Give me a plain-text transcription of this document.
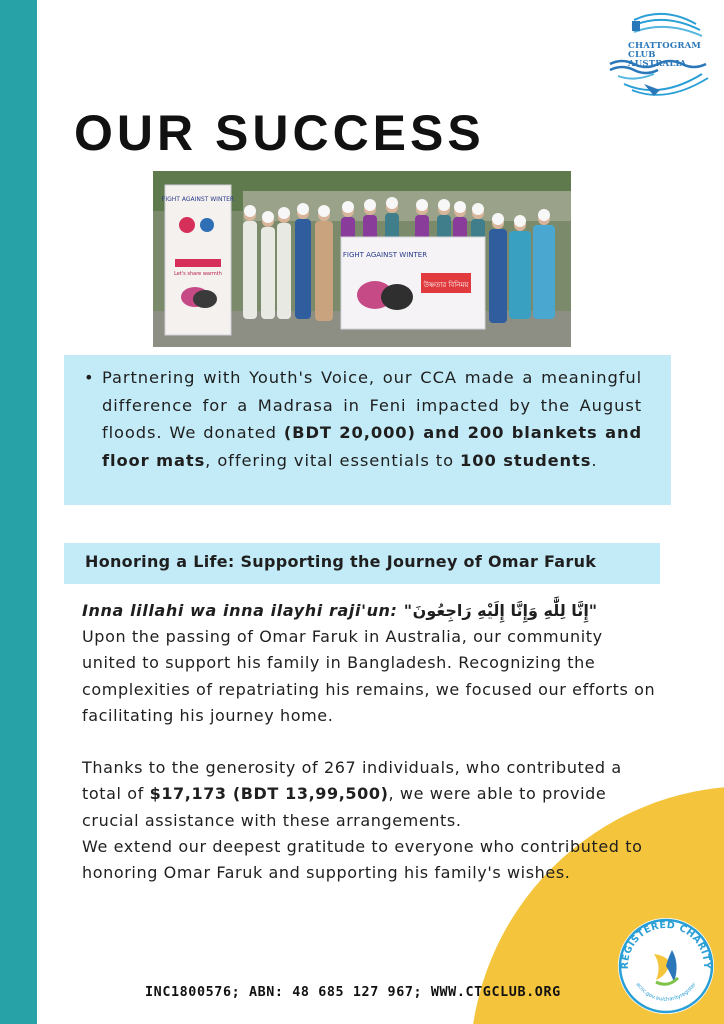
CHATTOGRAM
CLUB
AUSTRALIA
OUR SUCCESS
FIGHT AGAINST WINTER
Let's share warmth
FIGHT AGAINST WINTER
উষ্ণতার বিনিময়
• Partnering with Youth's Voice, our CCA made a meaningful difference for a Madrasa in Feni impacted by the August floods. We donated (BDT 20,000) and 200 blankets and floor mats, offering vital essentials to 100 students.
Honoring a Life: Supporting the Journey of Omar Faruk

Inna lillahi wa inna ilayhi raji'un: "إِنَّا لِلَّٰهِ وَإِنَّا إِلَيْهِ رَاجِعُونَ"

Upon the passing of Omar Faruk in Australia, our community united to support his family in Bangladesh. Recognizing the complexities of repatriating his remains, we focused our efforts on facilitating his journey home.

Thanks to the generosity of 267 individuals, who contributed a total of $17,173 (BDT 13,99,500), we were able to provide crucial assistance with these arrangements.

We extend our deepest gratitude to everyone who contributed to honoring Omar Faruk and supporting his family's wishes.

REGISTERED CHARITY
acnc.gov.au/charityregister
INC1800576; ABN: 48 685 127 967; WWW.CTGCLUB.ORG
